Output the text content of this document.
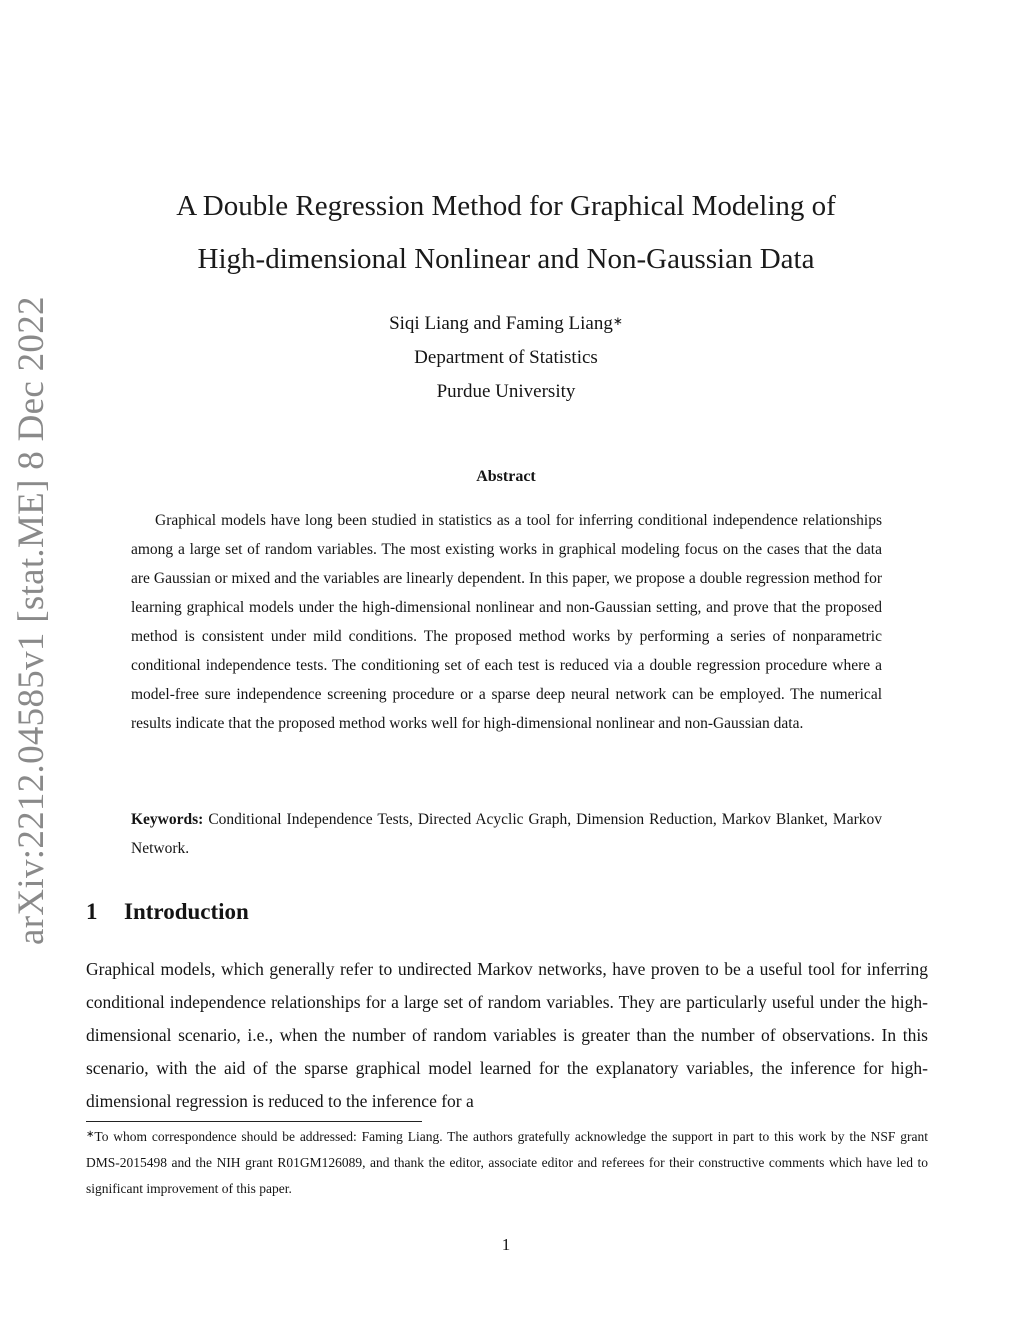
arXiv:2212.04585v1 [stat.ME] 8 Dec 2022
A Double Regression Method for Graphical Modeling of
High-dimensional Nonlinear and Non-Gaussian Data
Siqi Liang and Faming Liang∗
Department of Statistics
Purdue University
Abstract

Graphical models have long been studied in statistics as a tool for inferring conditional independence relationships among a large set of random variables. The most existing works in graphical modeling focus on the cases that the data are Gaussian or mixed and the variables are linearly dependent. In this paper, we propose a double regression method for learning graphical models under the high-dimensional nonlinear and non-Gaussian setting, and prove that the proposed method is consistent under mild conditions. The proposed method works by performing a series of nonparametric conditional independence tests. The conditioning set of each test is reduced via a double regression procedure where a model-free sure independence screening procedure or a sparse deep neural network can be employed. The numerical results indicate that the proposed method works well for high-dimensional nonlinear and non-Gaussian data.

Keywords: Conditional Independence Tests, Directed Acyclic Graph, Dimension Reduction, Markov Blanket, Markov Network.

1 Introduction

Graphical models, which generally refer to undirected Markov networks, have proven to be a useful tool for inferring conditional independence relationships for a large set of random variables. They are particularly useful under the high-dimensional scenario, i.e., when the number of random variables is greater than the number of observations. In this scenario, with the aid of the sparse graphical model learned for the explanatory variables, the inference for high-dimensional regression is reduced to the inference for a

∗To whom correspondence should be addressed: Faming Liang. The authors gratefully acknowledge the support in part to this work by the NSF grant DMS-2015498 and the NIH grant R01GM126089, and thank the editor, associate editor and referees for their constructive comments which have led to significant improvement of this paper.

1
